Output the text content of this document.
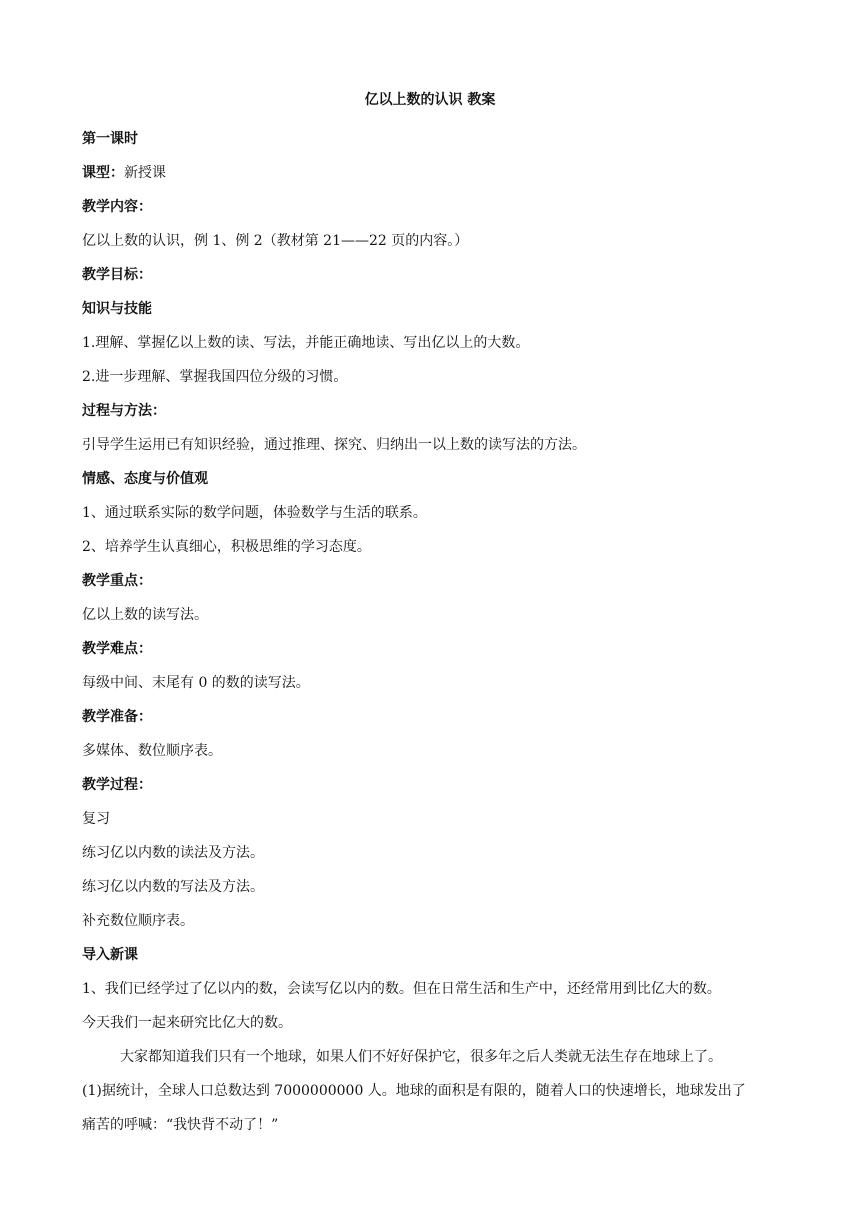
亿以上数的认识 教案

第一课时

课型：新授课

教学内容：

亿以上数的认识，例 1、例 2（教材第 21——22 页的内容。）

教学目标：

知识与技能

1.理解、掌握亿以上数的读、写法，并能正确地读、写出亿以上的大数。

2.进一步理解、掌握我国四位分级的习惯。

过程与方法：

引导学生运用已有知识经验，通过推理、探究、归纳出一以上数的读写法的方法。

情感、态度与价值观

1、通过联系实际的数学问题，体验数学与生活的联系。

2、培养学生认真细心，积极思维的学习态度。

教学重点：

亿以上数的读写法。

教学难点：

每级中间、末尾有 0 的数的读写法。

教学准备：

多媒体、数位顺序表。

教学过程：

复习

练习亿以内数的读法及方法。

练习亿以内数的写法及方法。

补充数位顺序表。

导入新课

1、我们已经学过了亿以内的数，会读写亿以内的数。但在日常生活和生产中，还经常用到比亿大的数。

今天我们一起来研究比亿大的数。

大家都知道我们只有一个地球，如果人们不好好保护它，很多年之后人类就无法生存在地球上了。

(1)据统计，全球人口总数达到 7000000000 人。地球的面积是有限的，随着人口的快速增长，地球发出了

痛苦的呼喊：“我快背不动了！”
